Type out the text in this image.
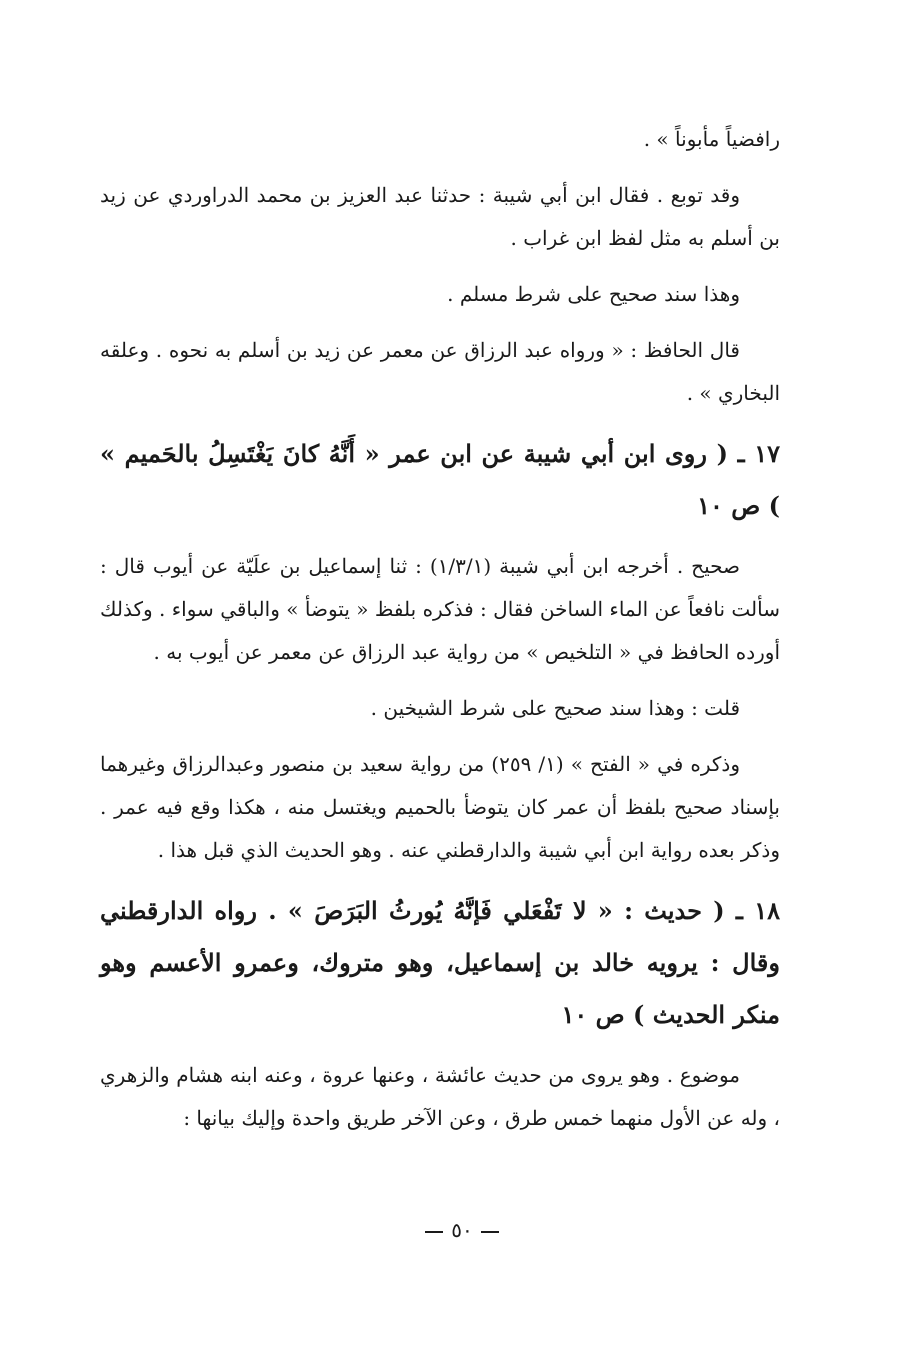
رافضياً مأبوناً » .

وقد توبع . فقال ابن أبي شيبة : حدثنا عبد العزيز بن محمد الدراوردي عن زيد بن أسلم به مثل لفظ ابن غراب .

وهذا سند صحيح على شرط مسلم .

قال الحافظ : « ورواه عبد الرزاق عن معمر عن زيد بن أسلم به نحوه . وعلقه البخاري » .

١٧ ـ ( روى ابن أبي شيبة عن ابن عمر « أَنَّهُ كانَ يَغْتَسِلُ بالحَميم » ) ص ١٠

صحيح . أخرجه ابن أبي شيبة (١/٣/١) : ثنا إسماعيل بن علَيّة عن أيوب قال : سألت نافعاً عن الماء الساخن فقال : فذكره بلفظ « يتوضأ » والباقي سواء . وكذلك أورده الحافظ في « التلخيص » من رواية عبد الرزاق عن معمر عن أيوب به .

قلت : وهذا سند صحيح على شرط الشيخين .

وذكره في « الفتح » (١/ ٢٥٩) من رواية سعيد بن منصور وعبدالرزاق وغيرهما بإسناد صحيح بلفظ أن عمر كان يتوضأ بالحميم ويغتسل منه ، هكذا وقع فيه عمر . وذكر بعده رواية ابن أبي شيبة والدارقطني عنه . وهو الحديث الذي قبل هذا .

١٨ ـ ( حديث : « لا تَفْعَلي فَإنَّهُ يُورثُ البَرَصَ » . رواه الدارقطني وقال : يرويه خالد بن إسماعيل، وهو متروك، وعمرو الأعسم وهو منكر الحديث ) ص ١٠

موضوع . وهو يروى من حديث عائشة ، وعنها عروة ، وعنه ابنه هشام والزهري ، وله عن الأول منهما خمس طرق ، وعن الآخر طريق واحدة وإليك بيانها :

٥٠
